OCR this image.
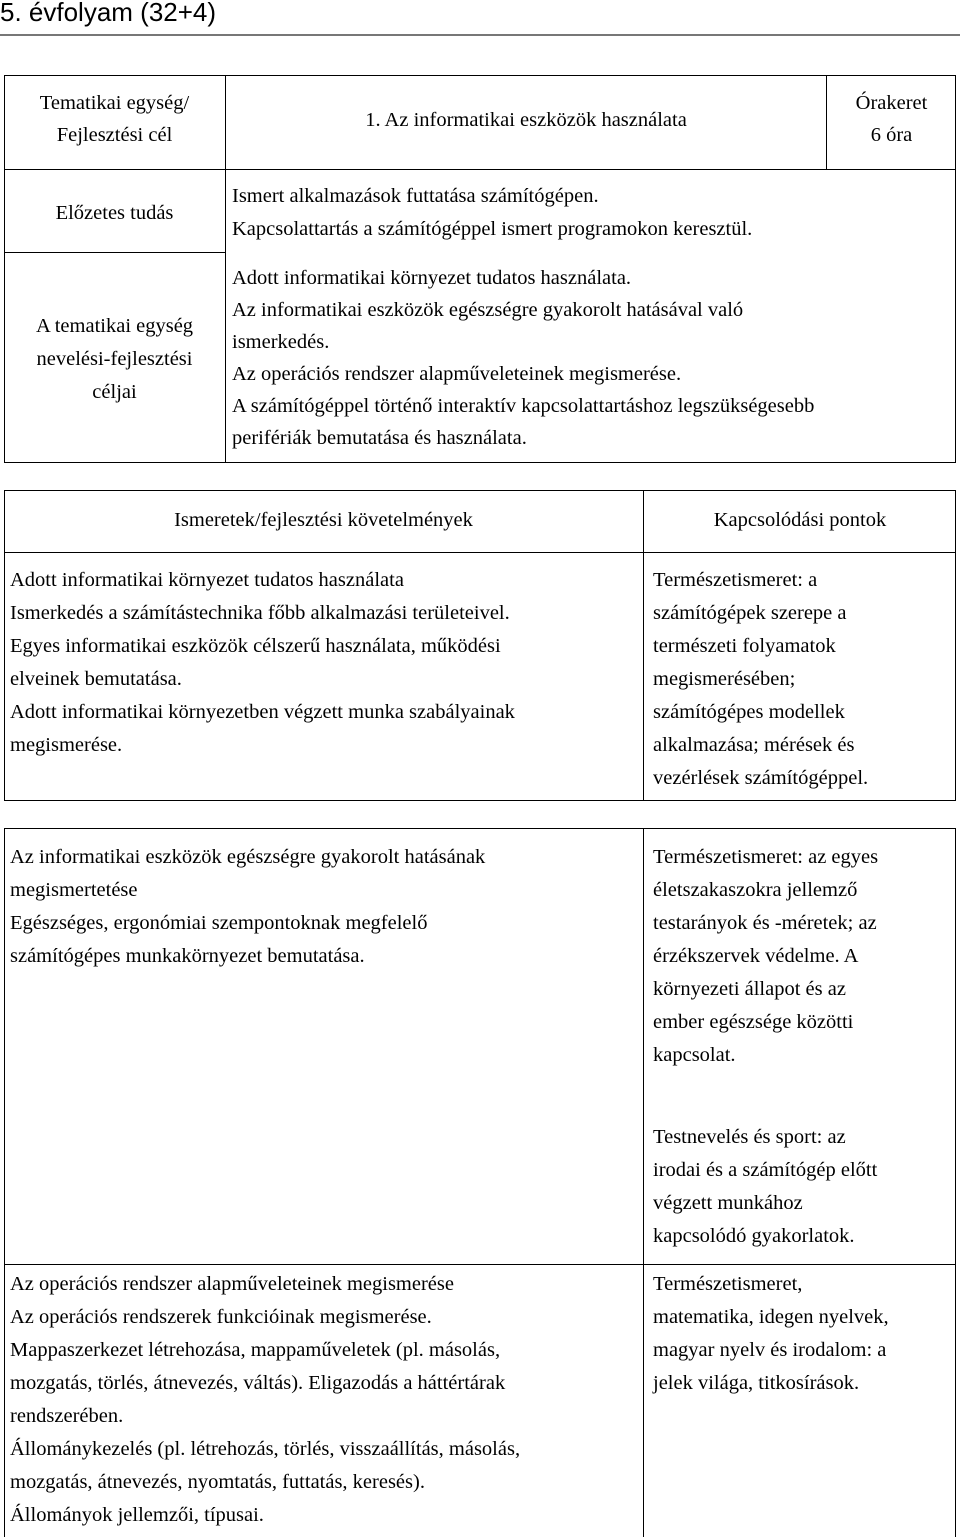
5. évfolyam (32+4)
Tematikai egység/
Fejlesztési cél
1. Az informatikai eszközök használata
Órakeret
6 óra
Előzetes tudás
Ismert alkalmazások futtatása számítógépen.
Kapcsolattartás a számítógéppel ismert programokon keresztül.
A tematikai egység
nevelési-fejlesztési
céljai
Adott informatikai környezet tudatos használata.
Az informatikai eszközök egészségre gyakorolt hatásával való
ismerkedés.
Az operációs rendszer alapműveleteinek megismerése.
A számítógéppel történő interaktív kapcsolattartáshoz legszükségesebb
perifériák bemutatása és használata.
Ismeretek/fejlesztési követelmények	Kapcsolódási pontok
Adott informatikai környezet tudatos használata
Ismerkedés a számítástechnika főbb alkalmazási területeivel.
Egyes informatikai eszközök célszerű használata, működési
elveinek bemutatása.
Adott informatikai környezetben végzett munka szabályainak
megismerése.
Természetismeret: a
számítógépek szerepe a
természeti folyamatok
megismerésében;
számítógépes modellek
alkalmazása; mérések és
vezérlések számítógéppel.
Az informatikai eszközök egészségre gyakorolt hatásának
megismertetése
Egészséges, ergonómiai szempontoknak megfelelő
számítógépes munkakörnyezet bemutatása.
Természetismeret: az egyes
életszakaszokra jellemző
testarányok és -méretek; az
érzékszervek védelme. A
környezeti állapot és az
ember egészsége közötti
kapcsolat.
Testnevelés és sport: az
irodai és a számítógép előtt
végzett munkához
kapcsolódó gyakorlatok.
Az operációs rendszer alapműveleteinek megismerése
Az operációs rendszerek funkcióinak megismerése.
Mappaszerkezet létrehozása, mappaműveletek (pl. másolás,
mozgatás, törlés, átnevezés, váltás). Eligazodás a háttértárak
rendszerében.
Állománykezelés (pl. létrehozás, törlés, visszaállítás, másolás,
mozgatás, átnevezés, nyomtatás, futtatás, keresés).
Állományok jellemzői, típusai.
Természetismeret,
matematika, idegen nyelvek,
magyar nyelv és irodalom: a
jelek világa, titkosírások.
